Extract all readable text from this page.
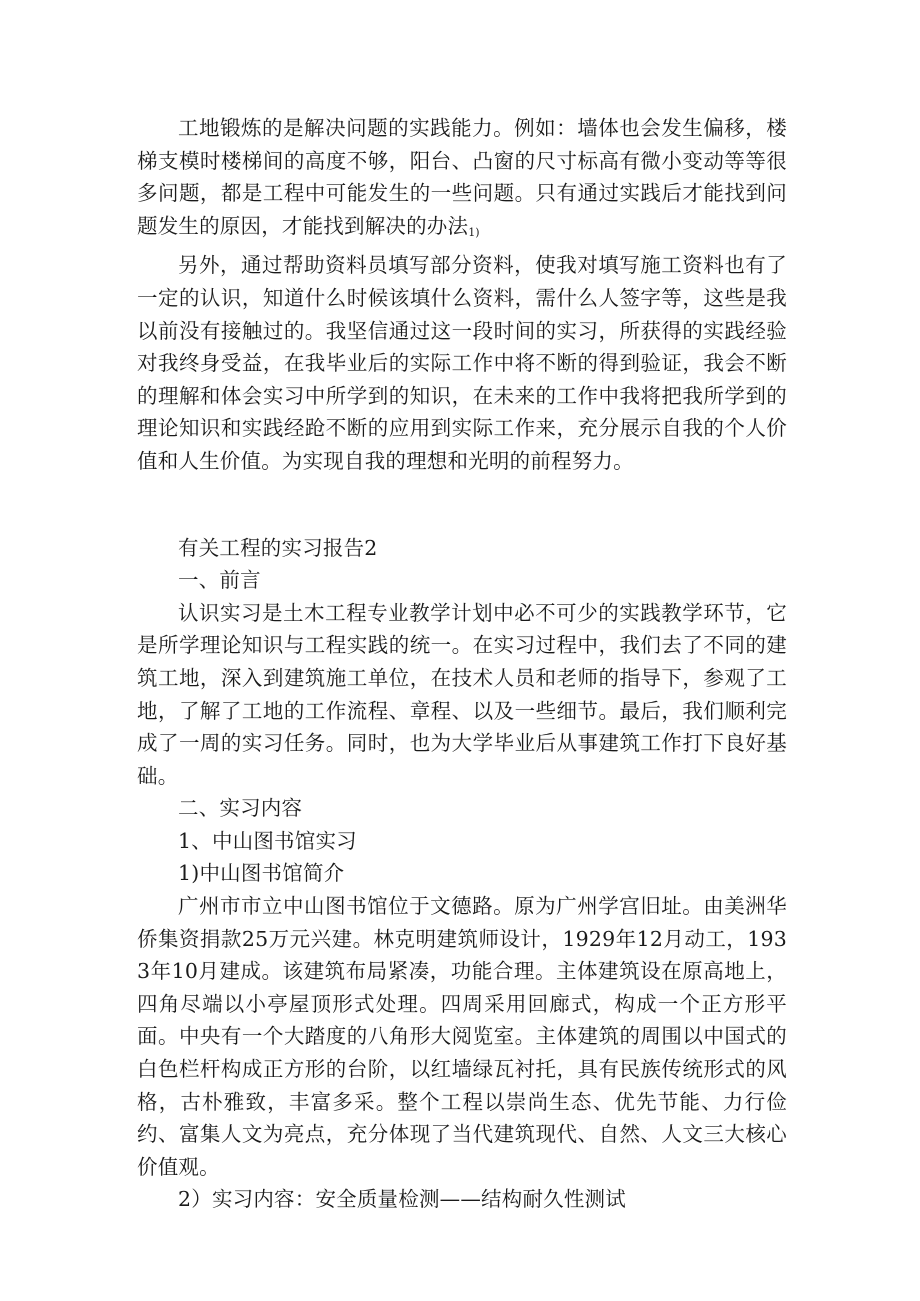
工地锻炼的是解决问题的实践能力。例如：墙体也会发生偏移，楼梯支模时楼梯间的高度不够，阳台、凸窗的尺寸标高有微小变动等等很多问题，都是工程中可能发生的一些问题。只有通过实践后才能找到问题发生的原因，才能找到解决的办法$_{1)}$

另外，通过帮助资料员填写部分资料，使我对填写施工资料也有了一定的认识，知道什么时候该填什么资料，需什么人签字等，这些是我以前没有接触过的。我坚信通过这一段时间的实习，所获得的实践经验对我终身受益，在我毕业后的实际工作中将不断的得到验证，我会不断的理解和体会实习中所学到的知识，在未来的工作中我将把我所学到的理论知识和实践经跄不断的应用到实际工作来，充分展示自我的个人价值和人生价值。为实现自我的理想和光明的前程努力。

有关工程的实习报告2

一、前言

认识实习是土木工程专业教学计划中必不可少的实践教学环节，它是所学理论知识与工程实践的统一。在实习过程中，我们去了不同的建筑工地，深入到建筑施工单位，在技术人员和老师的指导下，参观了工地，了解了工地的工作流程、章程、以及一些细节。最后，我们顺利完成了一周的实习任务。同时，也为大学毕业后从事建筑工作打下良好基础。

二、实习内容

1、中山图书馆实习

1)中山图书馆简介

广州市市立中山图书馆位于文德路。原为广州学宫旧址。由美洲华侨集资捐款25万元兴建。林克明建筑师设计，1929年12月动工，1933年10月建成。该建筑布局紧凑，功能合理。主体建筑设在原高地上，四角尽端以小亭屋顶形式处理。四周采用回廊式，构成一个正方形平面。中央有一个大踏度的八角形大阅览室。主体建筑的周围以中国式的白色栏杆构成正方形的台阶，以红墙绿瓦衬托，具有民族传统形式的风格，古朴雅致，丰富多采。整个工程以崇尚生态、优先节能、力行俭约、富集人文为亮点，充分体现了当代建筑现代、自然、人文三大核心价值观。

2）实习内容：安全质量检测——结构耐久性测试
